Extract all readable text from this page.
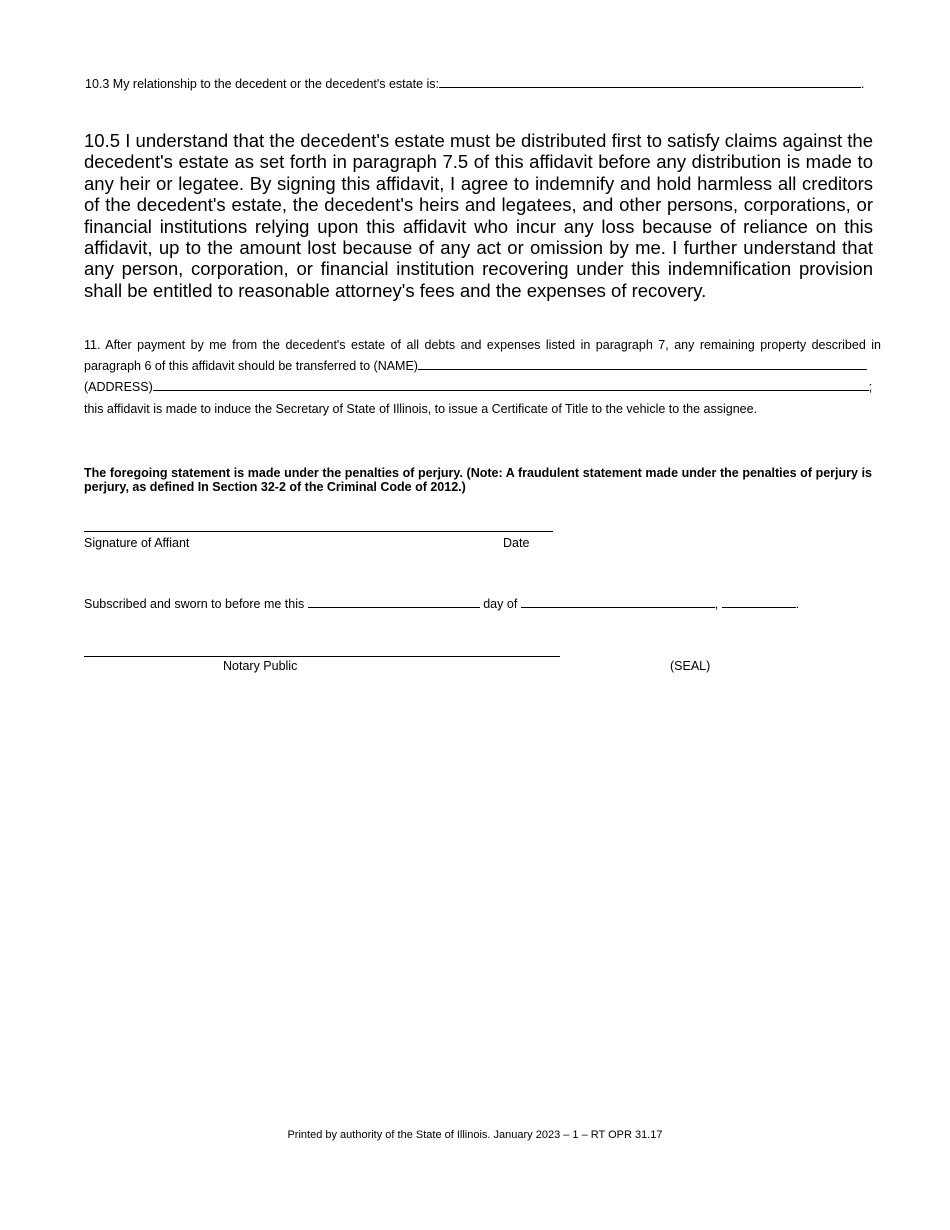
10.3 My relationship to the decedent or the decedent's estate is:	.

10.5 I understand that the decedent's estate must be distributed first to satisfy claims against the decedent's estate as set forth in paragraph 7.5 of this affidavit before any distribution is made to any heir or legatee. By signing this affidavit, I agree to indemnify and hold harmless all creditors of the decedent's estate, the decedent's heirs and legatees, and other persons, corporations, or financial institutions relying upon this affidavit who incur any loss because of reliance on this affidavit, up to the amount lost because of any act or omission by me. I further understand that any person, corporation, or financial institution recovering under this indemnification provision shall be entitled to reasonable attorney's fees and the expenses of recovery.

11. After payment by me from the decedent's estate of all debts and expenses listed in paragraph 7, any remaining property described in
paragraph 6 of this affidavit should be transferred to (NAME)
(ADDRESS)	;
this affidavit is made to induce the Secretary of State of Illinois, to issue a Certificate of Title to the vehicle to the assignee.

The foregoing statement is made under the penalties of perjury. (Note: A fraudulent statement made under the penalties of perjury is perjury, as defined In Section 32-2 of the Criminal Code of 2012.)

Signature of Affiant	Date
Subscribed and sworn to before me this	day of	,	.
Notary Public	(SEAL)
Printed by authority of the State of Illinois. January 2023 – 1 – RT OPR 31.17
